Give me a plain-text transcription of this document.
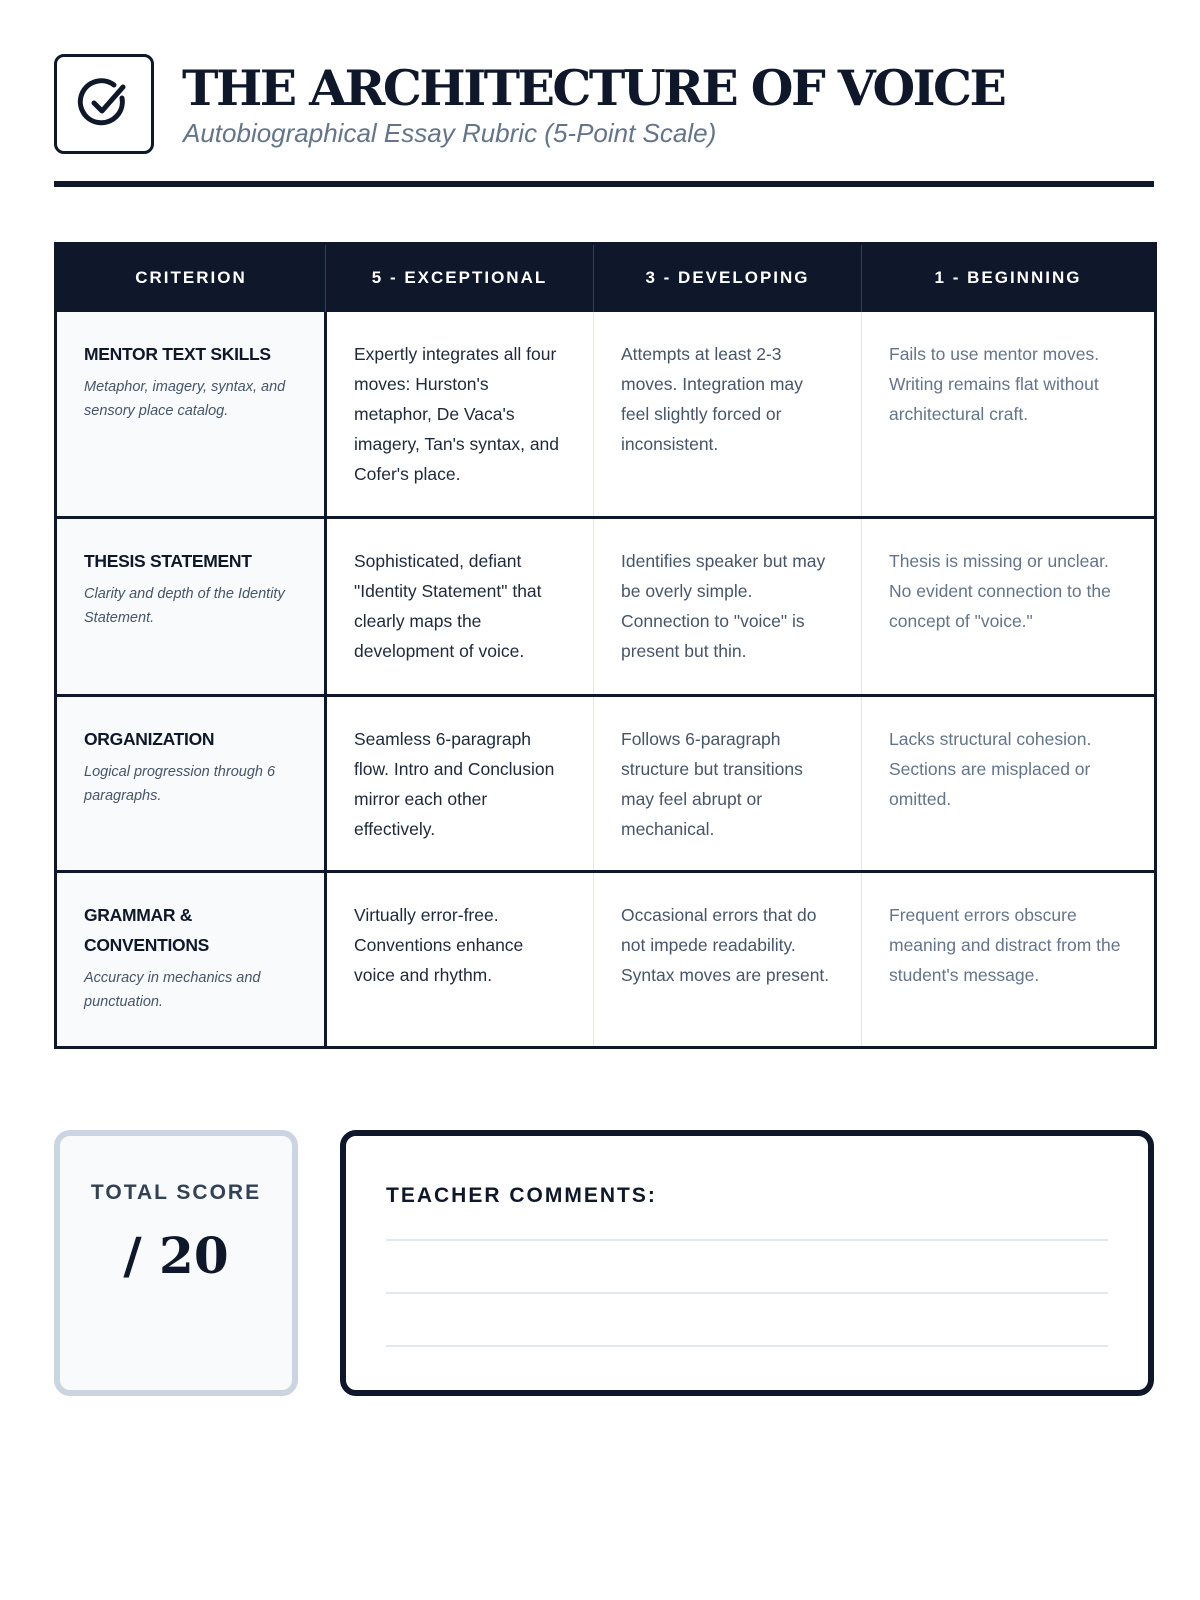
THE ARCHITECTURE OF VOICE
Autobiographical Essay Rubric (5-Point Scale)
CRITERION	5 - EXCEPTIONAL	3 - DEVELOPING	1 - BEGINNING

MENTOR TEXT SKILLS
Metaphor, imagery, syntax, and sensory place catalog.	Expertly integrates all four moves: Hurston's metaphor, De Vaca's imagery, Tan's syntax, and Cofer's place.	Attempts at least 2-3 moves. Integration may feel slightly forced or inconsistent.	Fails to use mentor moves. Writing remains flat without architectural craft.

THESIS STATEMENT
Clarity and depth of the Identity Statement.	Sophisticated, defiant "Identity Statement" that clearly maps the development of voice.	Identifies speaker but may be overly simple. Connection to "voice" is present but thin.	Thesis is missing or unclear. No evident connection to the concept of "voice."

ORGANIZATION
Logical progression through 6 paragraphs.	Seamless 6-paragraph flow. Intro and Conclusion mirror each other effectively.	Follows 6-paragraph structure but transitions may feel abrupt or mechanical.	Lacks structural cohesion. Sections are misplaced or omitted.

GRAMMAR & CONVENTIONS
Accuracy in mechanics and punctuation.	Virtually error-free. Conventions enhance voice and rhythm.	Occasional errors that do not impede readability. Syntax moves are present.	Frequent errors obscure meaning and distract from the student's message.
TOTAL SCORE
/ 20
TEACHER COMMENTS:
